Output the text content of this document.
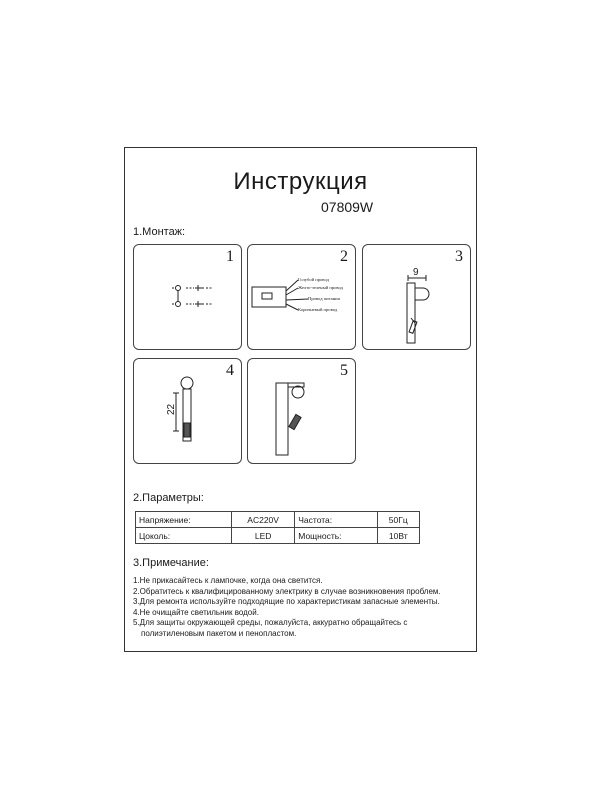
Инструкция
07809W
1.Монтаж:
1	2
Голубой провод
Желто-зеленый провод
Провод питания
Коричневый провод
3
9
4
22
5
2.Параметры:
Напряжение:	AC220V	Частота:	50Гц
Цоколь:	LED	Мощность:	10Вт
3.Примечание:
1.Не прикасайтесь к лампочке, когда она светится.
2.Обратитесь к квалифицированному электрику в случае возникновения проблем.
3.Для ремонта используйте подходящие по характеристикам запасные элементы.
4.Не очищайте светильник водой.
5.Для защиты окружающей среды, пожалуйста, аккуратно обращайтесь с
полиэтиленовым пакетом и пенопластом.
